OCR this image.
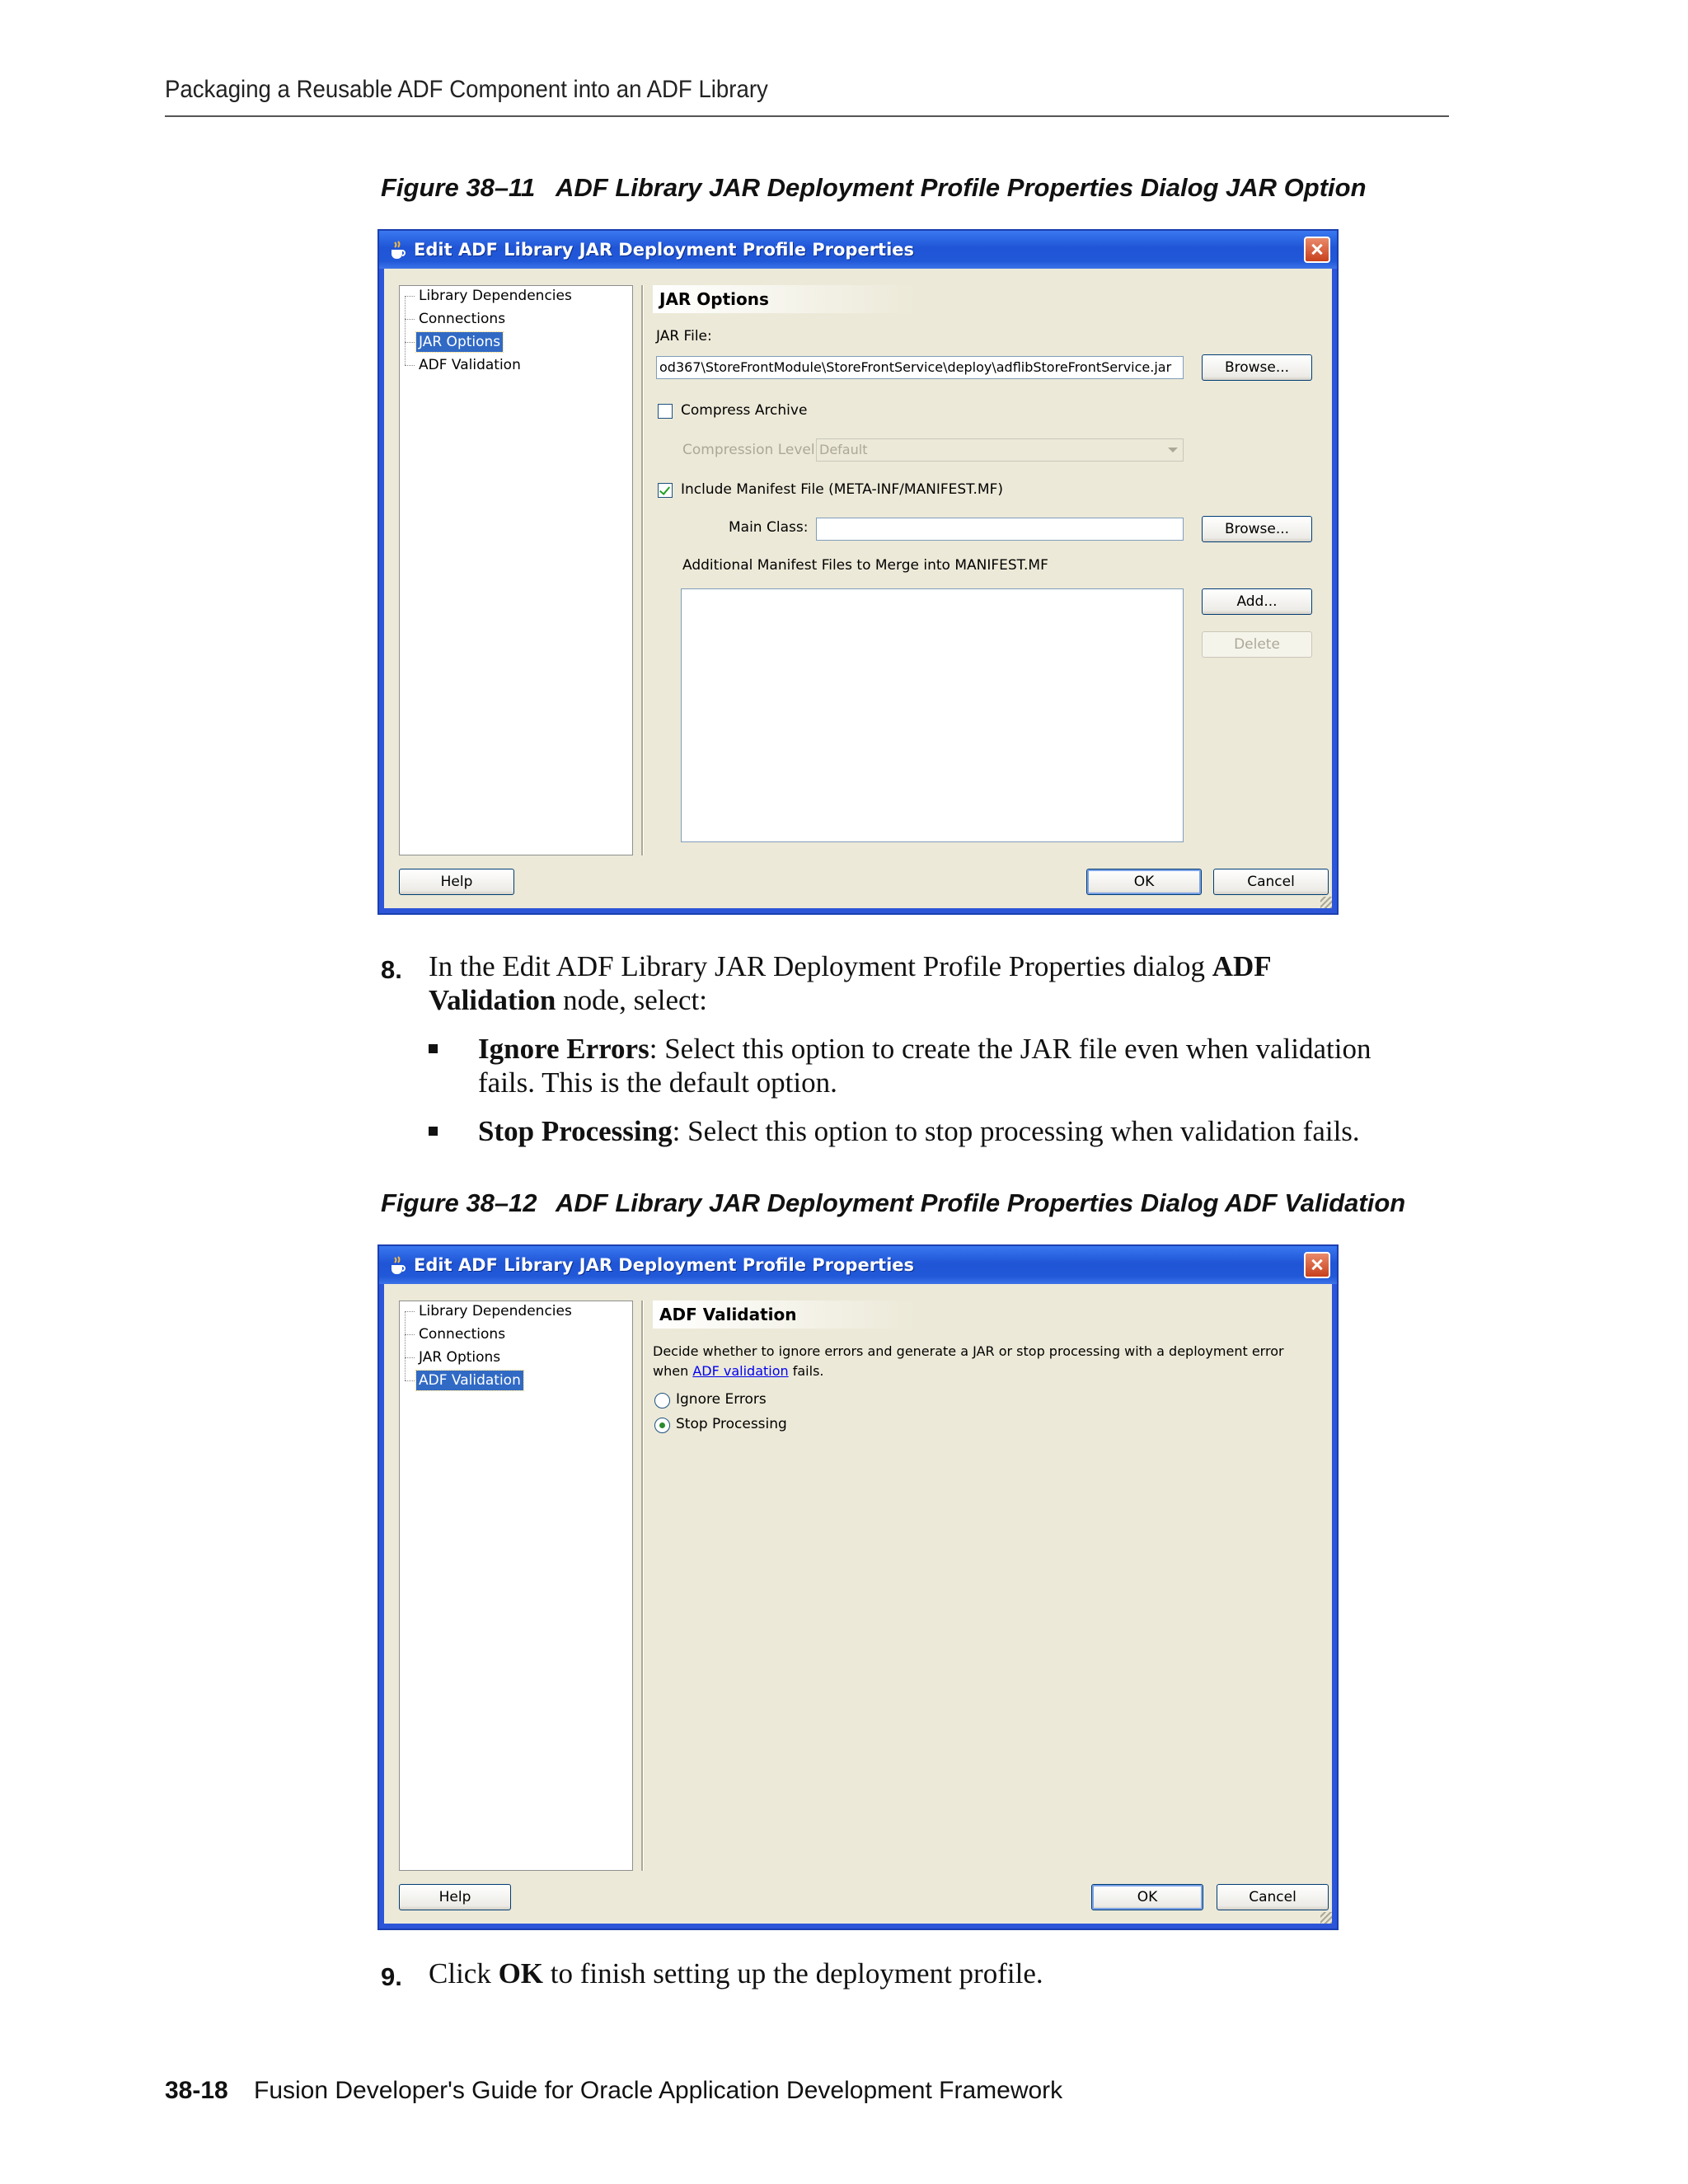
Packaging a Reusable ADF Component into an ADF Library
Figure 38–11 ADF Library JAR Deployment Profile Properties Dialog JAR Option
Edit ADF Library JAR Deployment Profile Properties
Library Dependencies
Connections
JAR Options
ADF Validation
JAR Options
JAR File:
od367\StoreFrontModule\StoreFrontService\deploy\adflibStoreFrontService.jar	Browse...
Compress Archive
Compression Level Default
Include Manifest File (META-INF/MANIFEST.MF)
Main Class:	Browse...
Additional Manifest Files to Merge into MANIFEST.MF
Add...
Delete
Help	OK	Cancel
8. In the Edit ADF Library JAR Deployment Profile Properties dialog ADF Validation node, select:
Ignore Errors: Select this option to create the JAR file even when validation fails. This is the default option.
Stop Processing: Select this option to stop processing when validation fails.
Figure 38–12 ADF Library JAR Deployment Profile Properties Dialog ADF Validation
Edit ADF Library JAR Deployment Profile Properties
Library Dependencies
Connections
JAR Options
ADF Validation
ADF Validation
Decide whether to ignore errors and generate a JAR or stop processing with a deployment error
when ADF validation fails.
Ignore Errors
Stop Processing
Help	OK	Cancel
9. Click OK to finish setting up the deployment profile.
38-18 Fusion Developer's Guide for Oracle Application Development Framework
